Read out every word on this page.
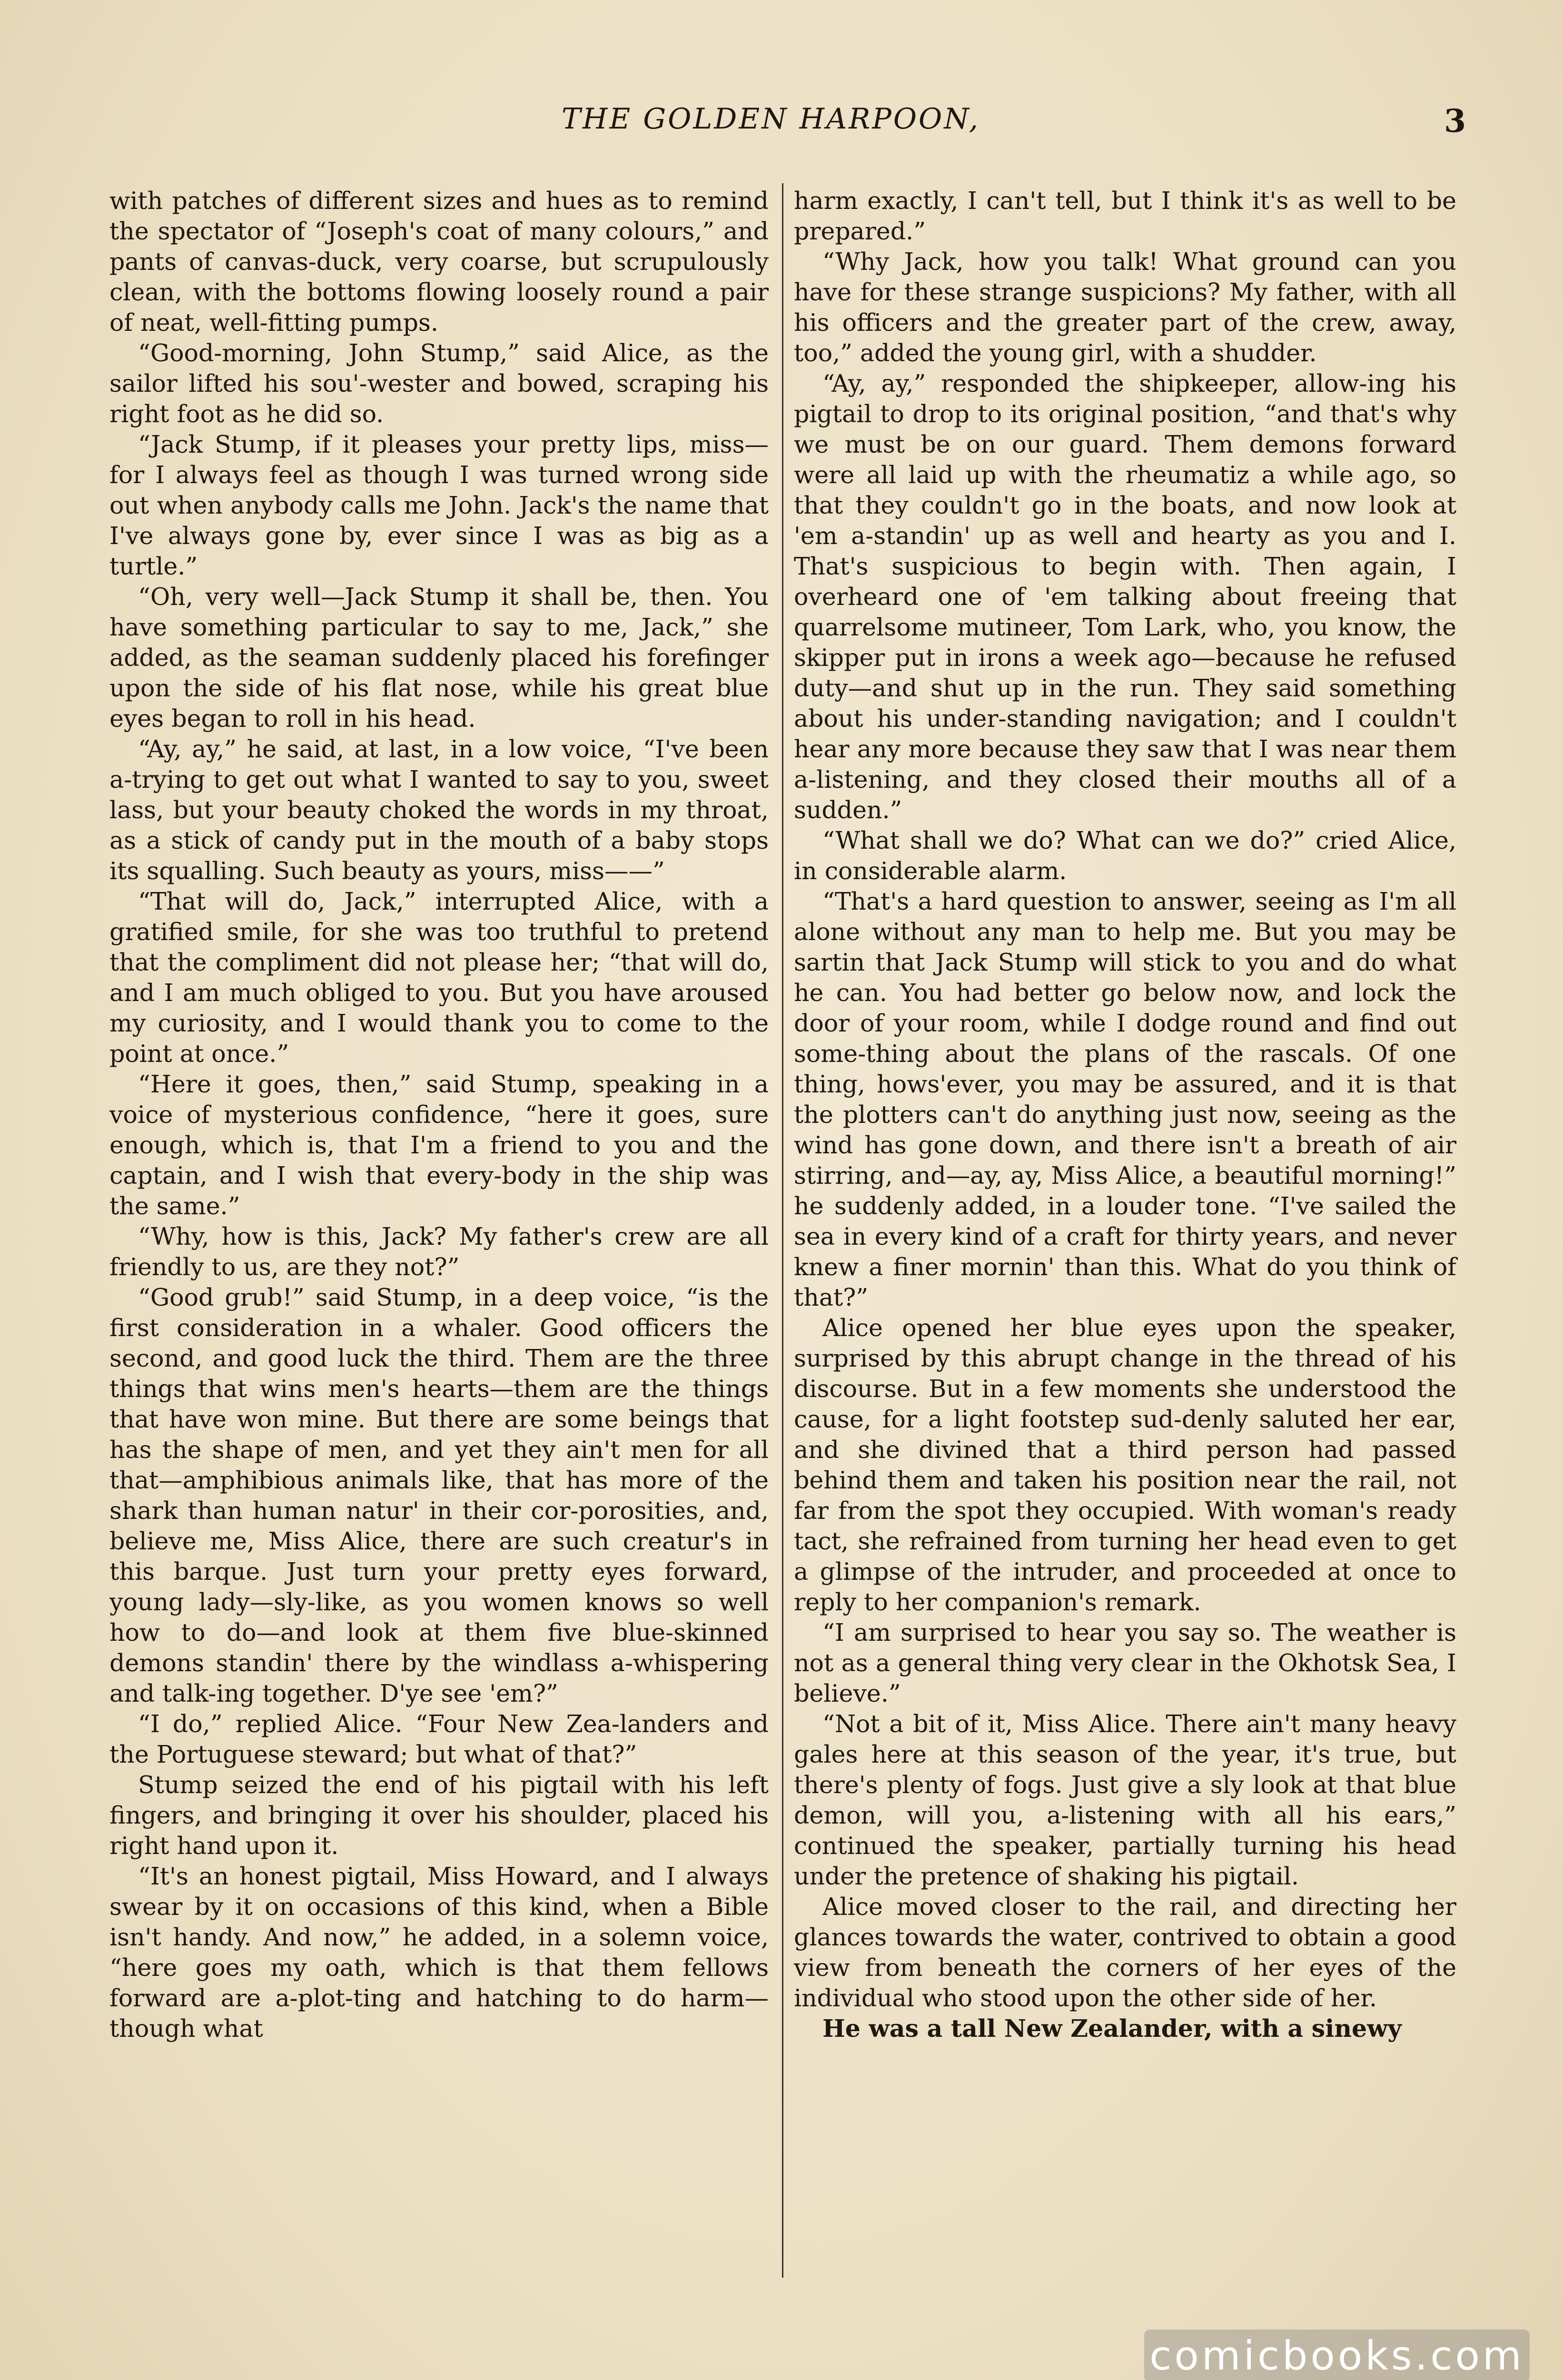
THE GOLDEN HARPOON,	3

with patches of different sizes and hues as to remind the spectator of “Joseph's coat of many colours,” and pants of canvas-duck, very coarse, but scrupulously clean, with the bottoms flowing loosely round a pair of neat, well-fitting pumps.

“Good-morning, John Stump,” said Alice, as the sailor lifted his sou'-wester and bowed, scraping his right foot as he did so.

“Jack Stump, if it pleases your pretty lips, miss—for I always feel as though I was turned wrong side out when anybody calls me John. Jack's the name that I've always gone by, ever since I was as big as a turtle.”

“Oh, very well—Jack Stump it shall be, then. You have something particular to say to me, Jack,” she added, as the seaman suddenly placed his forefinger upon the side of his flat nose, while his great blue eyes began to roll in his head.

“Ay, ay,” he said, at last, in a low voice, “I've been a-trying to get out what I wanted to say to you, sweet lass, but your beauty choked the words in my throat, as a stick of candy put in the mouth of a baby stops its squalling. Such beauty as yours, miss——”

“That will do, Jack,” interrupted Alice, with a gratified smile, for she was too truthful to pretend that the compliment did not please her; “that will do, and I am much obliged to you. But you have aroused my curiosity, and I would thank you to come to the point at once.”

“Here it goes, then,” said Stump, speaking in a voice of mysterious confidence, “here it goes, sure enough, which is, that I'm a friend to you and the captain, and I wish that every-body in the ship was the same.”

“Why, how is this, Jack? My father's crew are all friendly to us, are they not?”

“Good grub!” said Stump, in a deep voice, “is the first consideration in a whaler. Good officers the second, and good luck the third. Them are the three things that wins men's hearts—them are the things that have won mine. But there are some beings that has the shape of men, and yet they ain't men for all that—amphibious animals like, that has more of the shark than human natur' in their cor-porosities, and, believe me, Miss Alice, there are such creatur's in this barque. Just turn your pretty eyes forward, young lady—sly-like, as you women knows so well how to do—and look at them five blue-skinned demons standin' there by the windlass a-whispering and talk-ing together. D'ye see 'em?”

“I do,” replied Alice. “Four New Zea-landers and the Portuguese steward; but what of that?”

Stump seized the end of his pigtail with his left fingers, and bringing it over his shoulder, placed his right hand upon it.

“It's an honest pigtail, Miss Howard, and I always swear by it on occasions of this kind, when a Bible isn't handy. And now,” he added, in a solemn voice, “here goes my oath, which is that them fellows forward are a-plot-ting and hatching to do harm—though what

harm exactly, I can't tell, but I think it's as well to be prepared.”

“Why Jack, how you talk! What ground can you have for these strange suspicions? My father, with all his officers and the greater part of the crew, away, too,” added the young girl, with a shudder.

“Ay, ay,” responded the shipkeeper, allow-ing his pigtail to drop to its original position, “and that's why we must be on our guard. Them demons forward were all laid up with the rheumatiz a while ago, so that they couldn't go in the boats, and now look at 'em a-standin' up as well and hearty as you and I. That's suspicious to begin with. Then again, I overheard one of 'em talking about freeing that quarrelsome mutineer, Tom Lark, who, you know, the skipper put in irons a week ago—because he refused duty—and shut up in the run. They said something about his under-standing navigation; and I couldn't hear any more because they saw that I was near them a-listening, and they closed their mouths all of a sudden.”

“What shall we do? What can we do?” cried Alice, in considerable alarm.

“That's a hard question to answer, seeing as I'm all alone without any man to help me. But you may be sartin that Jack Stump will stick to you and do what he can. You had better go below now, and lock the door of your room, while I dodge round and find out some-thing about the plans of the rascals. Of one thing, hows'ever, you may be assured, and it is that the plotters can't do anything just now, seeing as the wind has gone down, and there isn't a breath of air stirring, and—ay, ay, Miss Alice, a beautiful morning!” he suddenly added, in a louder tone. “I've sailed the sea in every kind of a craft for thirty years, and never knew a finer mornin' than this. What do you think of that?”

Alice opened her blue eyes upon the speaker, surprised by this abrupt change in the thread of his discourse. But in a few moments she understood the cause, for a light footstep sud-denly saluted her ear, and she divined that a third person had passed behind them and taken his position near the rail, not far from the spot they occupied. With woman's ready tact, she refrained from turning her head even to get a glimpse of the intruder, and proceeded at once to reply to her companion's remark.

“I am surprised to hear you say so. The weather is not as a general thing very clear in the Okhotsk Sea, I believe.”

“Not a bit of it, Miss Alice. There ain't many heavy gales here at this season of the year, it's true, but there's plenty of fogs. Just give a sly look at that blue demon, will you, a-listening with all his ears,” continued the speaker, partially turning his head under the pretence of shaking his pigtail.

Alice moved closer to the rail, and directing her glances towards the water, contrived to obtain a good view from beneath the corners of her eyes of the individual who stood upon the other side of her.

He was a tall New Zealander, with a sinewy

comicbooks.com
